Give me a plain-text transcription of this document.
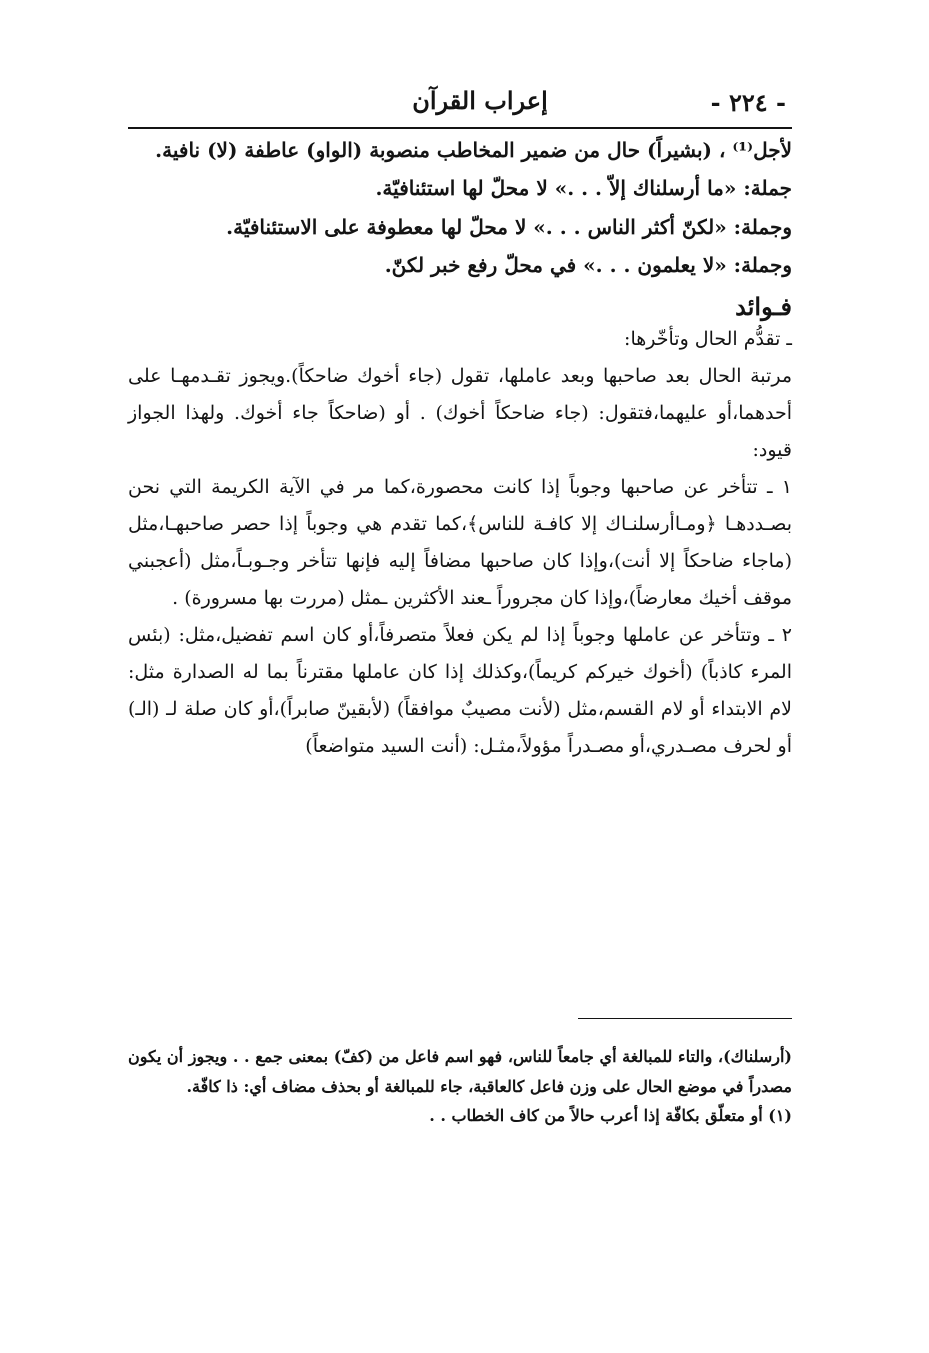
إعراب القرآن	- ٢٢٤ -

لأجل⁽¹⁾ ، (بشيراً) حال من ضمير المخاطب منصوبة (الواو) عاطفة (لا) نافية.

جملة: «ما أرسلناك إلاّ . . .» لا محلّ لها استئنافيّة.

وجملة: «لكنّ أكثر الناس . . .» لا محلّ لها معطوفة على الاستئنافيّة.

وجملة: «لا يعلمون . . .» في محلّ رفع خبر لكنّ.

فـوائد

ـ تقدُّم الحال وتأخّرها:

مرتبة الحال بعد صاحبها وبعد عاملها، تقول (جاء أخوك ضاحكاً).ويجوز تقـدمهـا على أحدهما،أو عليهما،فتقول: (جاء ضاحكاً أخوك) . أو (ضاحكاً جاء أخوك. ولهذا الجواز قيود:

١ ـ تتأخر عن صاحبها وجوباً إذا كانت محصورة،كما مر في الآية الكريمة التي نحن بصـددهـا ﴿ومـاأرسلنـاك إلا كافـة للناس﴾،كما تقدم هي وجوباً إذا حصر صاحبهـا،مثل (ماجاء ضاحكاً إلا أنت)،وإذا كان صاحبها مضافاً إليه فإنها تتأخر وجـوبـاً،مثل (أعجبني موقف أخيك معارضاً)،وإذا كان مجروراً ـعند الأكثرين ـمثل (مررت بها مسرورة) .

٢ ـ وتتأخر عن عاملها وجوباً إذا لم يكن فعلاً متصرفاً،أو كان اسم تفضيل،مثل: (بئس المرء كاذباً) (أخوك خيركم كريماً)،وكذلك إذا كان عاملها مقترناً بما له الصدارة مثل: لام الابتداء أو لام القسم،مثل (لأنت مصيبٌ موافقاً) (لأبقينّ صابراً)،أو كان صلة لـ (الـ) أو لحرف مصـدري،أو مصـدراً مؤولاً،مثـل: (أنت السيد متواضعاً)

(أرسلناك)، والتاء للمبالغة أي جامعاً للناس، فهو اسم فاعل من (كفّ) بمعنى جمع . . ويجوز أن يكون مصدراً في موضع الحال على وزن فاعل كالعاقبة، جاء للمبالغة أو بحذف مضاف أي: ذا كافّة.

(١) أو متعلّق بكافّة إذا أعرب حالاً من كاف الخطاب . .
